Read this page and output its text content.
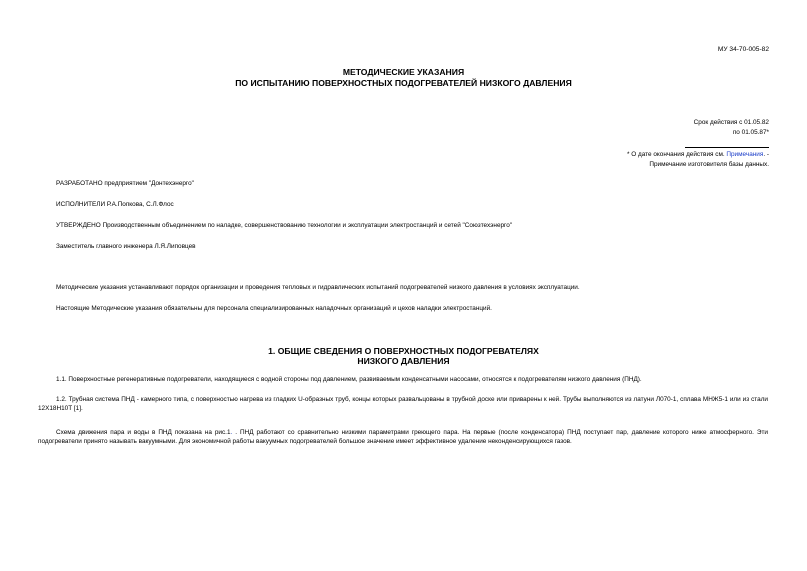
МУ 34-70-005-82
МЕТОДИЧЕСКИЕ УКАЗАНИЯ
ПО ИСПЫТАНИЮ ПОВЕРХНОСТНЫХ ПОДОГРЕВАТЕЛЕЙ НИЗКОГО ДАВЛЕНИЯ
Срок действия с 01.05.82
по 01.05.87*
* О дате окончания действия см. Примечания. -
Примечание изготовителя базы данных.
РАЗРАБОТАНО предприятием "Донтехэнерго"
ИСПОЛНИТЕЛИ Р.А.Попкова, С.Л.Флос
УТВЕРЖДЕНО Производственным объединением по наладке, совершенствованию технологии и эксплуатации электростанций и сетей "Союзтехэнерго"
Заместитель главного инженера Л.Я.Липовцев
Методические указания устанавливают порядок организации и проведения тепловых и гидравлических испытаний подогревателей низкого давления в условиях эксплуатации.
Настоящие Методические указания обязательны для персонала специализированных наладочных организаций и цехов наладки электростанций.
1. ОБЩИЕ СВЕДЕНИЯ О ПОВЕРХНОСТНЫХ ПОДОГРЕВАТЕЛЯХ
НИЗКОГО ДАВЛЕНИЯ
1.1. Поверхностные регенеративные подогреватели, находящиеся с водной стороны под давлением, развиваемым конденсатными насосами, относятся к подогревателям низкого давления (ПНД).
1.2. Трубная система ПНД - камерного типа, с поверхностью нагрева из гладких U-образных труб, концы которых развальцованы в трубной доске или приварены к ней. Трубы выполняются из латуни Л070-1, сплава МНЖ5-1 или из стали 12Х18Н10Т [1].
Схема движения пара и воды в ПНД показана на рис.1. . ПНД работают со сравнительно низкими параметрами греющего пара. На первые (после конденсатора) ПНД поступает пар, давление которого ниже атмосферного. Эти подогреватели принято называть вакуумными. Для экономичной работы вакуумных подогревателей большое значение имеет эффективное удаление неконденсирующихся газов.
